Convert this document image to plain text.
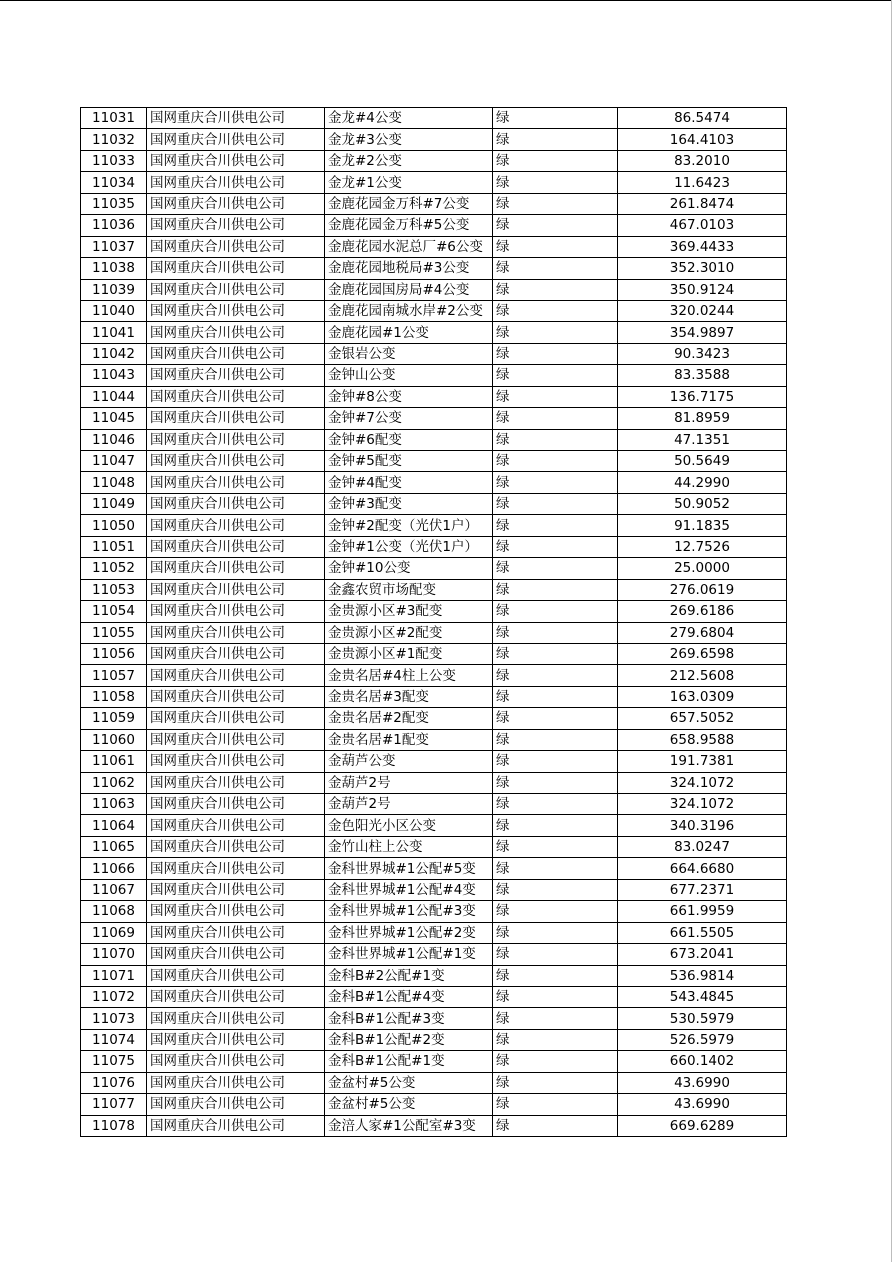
11031	国网重庆合川供电公司	金龙#4公变	绿	86.5474
11032	国网重庆合川供电公司	金龙#3公变	绿	164.4103
11033	国网重庆合川供电公司	金龙#2公变	绿	83.2010
11034	国网重庆合川供电公司	金龙#1公变	绿	11.6423
11035	国网重庆合川供电公司	金鹿花园金万科#7公变	绿	261.8474
11036	国网重庆合川供电公司	金鹿花园金万科#5公变	绿	467.0103
11037	国网重庆合川供电公司	金鹿花园水泥总厂#6公变	绿	369.4433
11038	国网重庆合川供电公司	金鹿花园地税局#3公变	绿	352.3010
11039	国网重庆合川供电公司	金鹿花园国房局#4公变	绿	350.9124
11040	国网重庆合川供电公司	金鹿花园南城水岸#2公变	绿	320.0244
11041	国网重庆合川供电公司	金鹿花园#1公变	绿	354.9897
11042	国网重庆合川供电公司	金银岩公变	绿	90.3423
11043	国网重庆合川供电公司	金钟山公变	绿	83.3588
11044	国网重庆合川供电公司	金钟#8公变	绿	136.7175
11045	国网重庆合川供电公司	金钟#7公变	绿	81.8959
11046	国网重庆合川供电公司	金钟#6配变	绿	47.1351
11047	国网重庆合川供电公司	金钟#5配变	绿	50.5649
11048	国网重庆合川供电公司	金钟#4配变	绿	44.2990
11049	国网重庆合川供电公司	金钟#3配变	绿	50.9052
11050	国网重庆合川供电公司	金钟#2配变（光伏1户）	绿	91.1835
11051	国网重庆合川供电公司	金钟#1公变（光伏1户）	绿	12.7526
11052	国网重庆合川供电公司	金钟#10公变	绿	25.0000
11053	国网重庆合川供电公司	金鑫农贸市场配变	绿	276.0619
11054	国网重庆合川供电公司	金贵源小区#3配变	绿	269.6186
11055	国网重庆合川供电公司	金贵源小区#2配变	绿	279.6804
11056	国网重庆合川供电公司	金贵源小区#1配变	绿	269.6598
11057	国网重庆合川供电公司	金贵名居#4柱上公变	绿	212.5608
11058	国网重庆合川供电公司	金贵名居#3配变	绿	163.0309
11059	国网重庆合川供电公司	金贵名居#2配变	绿	657.5052
11060	国网重庆合川供电公司	金贵名居#1配变	绿	658.9588
11061	国网重庆合川供电公司	金葫芦公变	绿	191.7381
11062	国网重庆合川供电公司	金葫芦2号	绿	324.1072
11063	国网重庆合川供电公司	金葫芦2号	绿	324.1072
11064	国网重庆合川供电公司	金色阳光小区公变	绿	340.3196
11065	国网重庆合川供电公司	金竹山柱上公变	绿	83.0247
11066	国网重庆合川供电公司	金科世界城#1公配#5变	绿	664.6680
11067	国网重庆合川供电公司	金科世界城#1公配#4变	绿	677.2371
11068	国网重庆合川供电公司	金科世界城#1公配#3变	绿	661.9959
11069	国网重庆合川供电公司	金科世界城#1公配#2变	绿	661.5505
11070	国网重庆合川供电公司	金科世界城#1公配#1变	绿	673.2041
11071	国网重庆合川供电公司	金科B#2公配#1变	绿	536.9814
11072	国网重庆合川供电公司	金科B#1公配#4变	绿	543.4845
11073	国网重庆合川供电公司	金科B#1公配#3变	绿	530.5979
11074	国网重庆合川供电公司	金科B#1公配#2变	绿	526.5979
11075	国网重庆合川供电公司	金科B#1公配#1变	绿	660.1402
11076	国网重庆合川供电公司	金盆村#5公变	绿	43.6990
11077	国网重庆合川供电公司	金盆村#5公变	绿	43.6990
11078	国网重庆合川供电公司	金涪人家#1公配室#3变	绿	669.6289
